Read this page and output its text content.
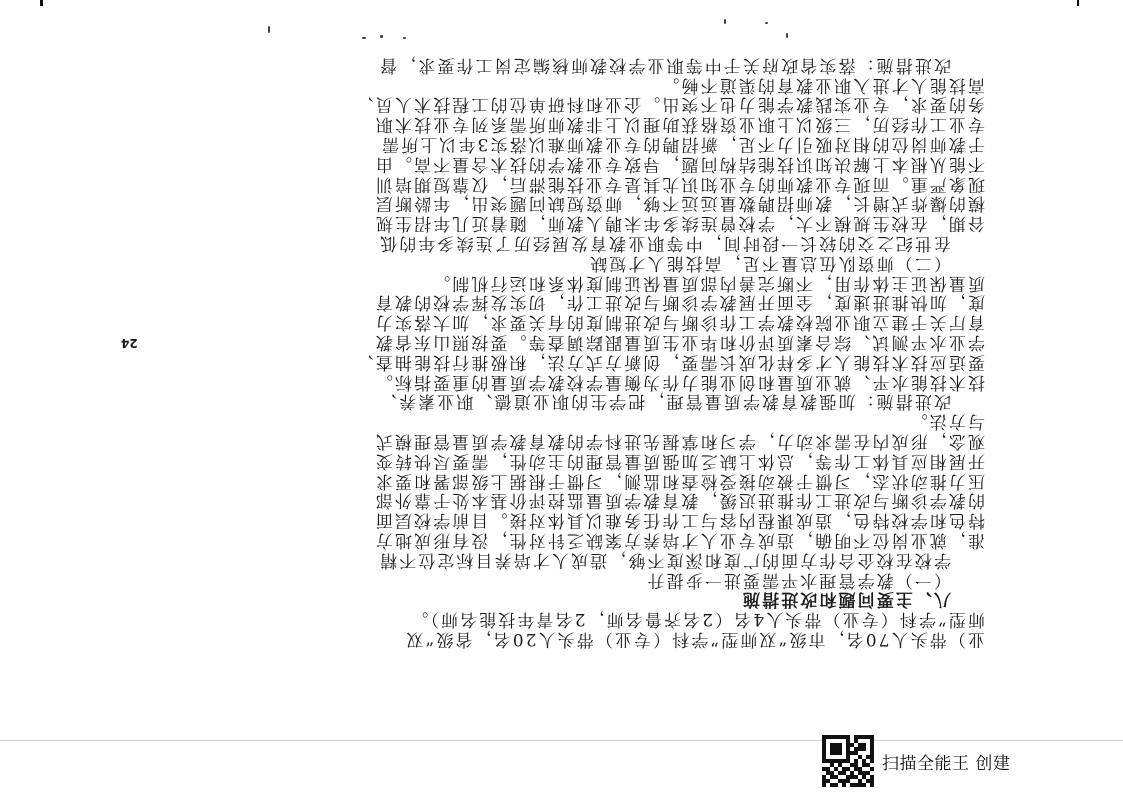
24
业）带头人70名，市级“双师型”学科（专业）带头人20名，省级“双
师型”学科（专业）带头人4名（2名齐鲁名师，2名青年技能名师）。
八、主要问题和改进措施
（一）教学管理水平需要进一步提升
学校在校企合作方面的广度和深度不够，造成人才培养目标定位不精
准，就业岗位不明确，造成专业人才培养方案缺乏针对性，没有形成地方
特色和学校特色，造成课程内容与工作任务难以具体对接。目前学校层面
的教学诊断与改进工作推进迟缓，教育教学质量监控评价基本处于靠外部
压力推动状态，习惯于被动接受检查和监测，习惯于根据上级部署和要求
开展相应具体工作等，总体上缺乏加强质量管理的主动性，需要尽快转变
观念，形成内在需求动力，学习和掌握先进科学的教育教学质量管理模式
与方法。
改进措施：加强教育教学质量管理，把学生的职业道德、职业素养、
技术技能水平、就业质量和创业能力作为衡量学校教学质量的重要指标。
要适应技术技能人才多样化成长需要，创新方式方法，积极推行技能抽查、
学业水平测试、综合素质评价和毕业生质量跟踪调查等。要按照山东省教
育厅关于建立职业院校教学工作诊断与改进制度的有关要求，加大落实力
度，加快推进速度，全面开展教学诊断与改进工作，切实发挥学校的教育
质量保证主体作用，不断完善内部质量保证制度体系和运行机制。
（二）师资队伍总量不足，高技能人才短缺
在世纪之交的较长一段时间，中等职业教育发展经历了连续多年的低
谷期，在校生规模不大，学校曾连续多年未聘人教师，随着近几年招生规
模的爆炸式增长，教师招聘数量远远不够，师资短缺问题突出，年龄断层
现象严重。而现专业教师的专业知识尤其是专业技能滞后，仅靠短期培训
不能从根本上解决知识技能结构问题，导致专业教学的技术含量不高。由
于教师岗位的相对吸引力不足，新招聘的专业教师难以落实3年以上所需
专业工作经历，三级以上职业资格获助理以上非教师所需系列专业技术职
务的要求，专业实践教学能力也不突出。企业和科研单位的工程技术人员、
高技能人才进入职业教育的渠道不畅。
改进措施：落实省政府关于中等职业学校教师核编定岗工作要求，督
扫描全能王 创建
